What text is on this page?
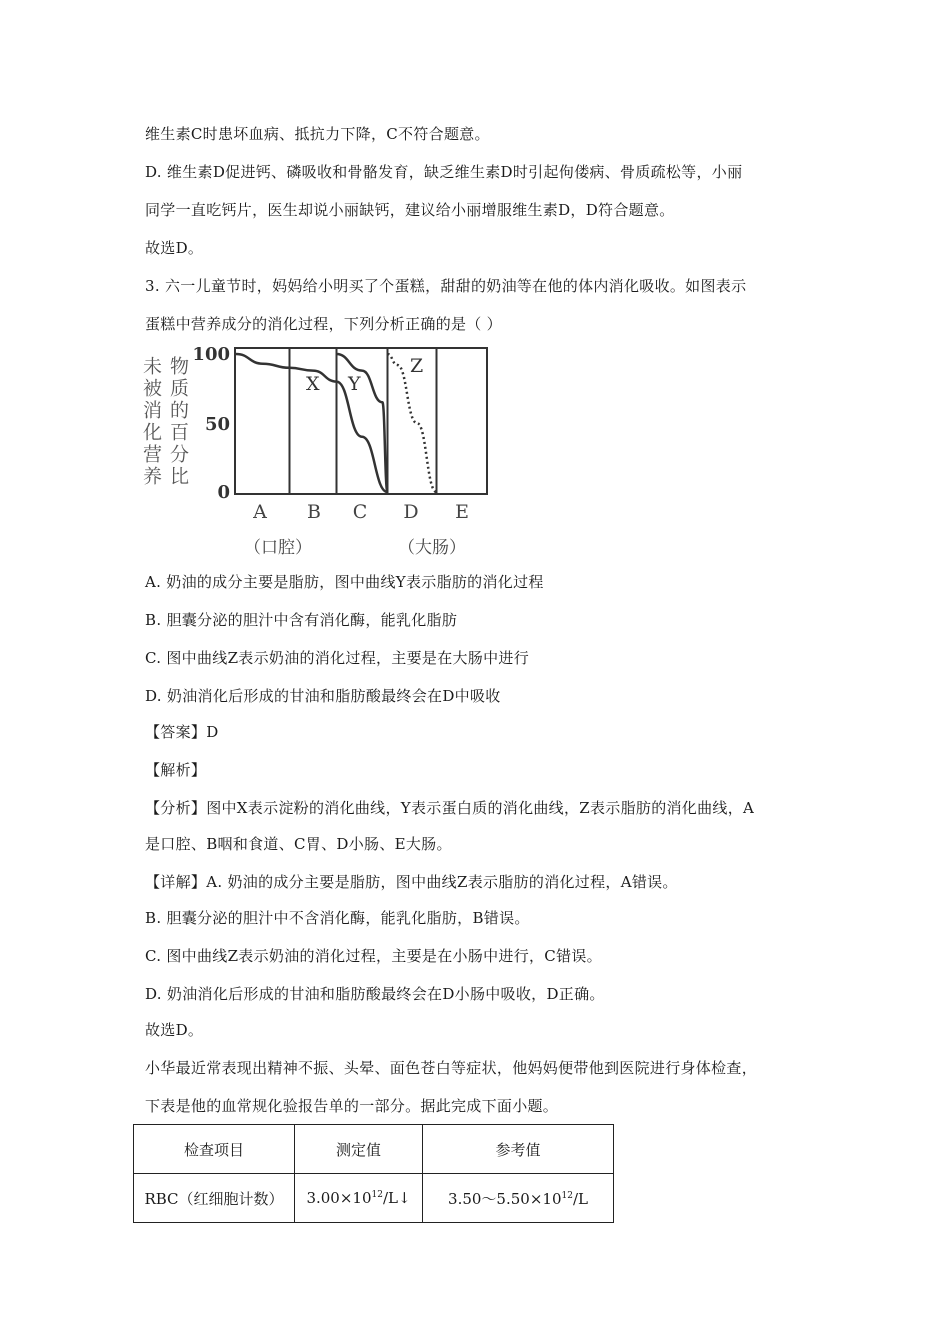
维生素C时患坏血病、抵抗力下降，C不符合题意。
D. 维生素D促进钙、磷吸收和骨骼发育，缺乏维生素D时引起佝偻病、骨质疏松等，小丽
同学一直吃钙片，医生却说小丽缺钙，建议给小丽增服维生素D，D符合题意。
故选D。
3. 六一儿童节时，妈妈给小明买了个蛋糕，甜甜的奶油等在他的体内消化吸收。如图表示
蛋糕中营养成分的消化过程，下列分析正确的是（ ）
未被消化营养 物质的百分比
100
50
0
X Y
Z
A B C D E
（口腔）	（大肠）
A. 奶油的成分主要是脂肪，图中曲线Y表示脂肪的消化过程
B. 胆囊分泌的胆汁中含有消化酶，能乳化脂肪
C. 图中曲线Z表示奶油的消化过程，主要是在大肠中进行
D. 奶油消化后形成的甘油和脂肪酸最终会在D中吸收
【答案】D
【解析】
【分析】图中X表示淀粉的消化曲线，Y表示蛋白质的消化曲线，Z表示脂肪的消化曲线，A
是口腔、B咽和食道、C胃、D小肠、E大肠。
【详解】A. 奶油的成分主要是脂肪，图中曲线Z表示脂肪的消化过程，A错误。
B. 胆囊分泌的胆汁中不含消化酶，能乳化脂肪，B错误。
C. 图中曲线Z表示奶油的消化过程，主要是在小肠中进行，C错误。
D. 奶油消化后形成的甘油和脂肪酸最终会在D小肠中吸收，D正确。
故选D。
小华最近常表现出精神不振、头晕、面色苍白等症状，他妈妈便带他到医院进行身体检查，
下表是他的血常规化验报告单的一部分。据此完成下面小题。
检查项目	测定值	参考值
RBC（红细胞计数）	$3.00\times 10^{12}/L↓$	$3.50\sim 5.50\times 10^{12}/L$
